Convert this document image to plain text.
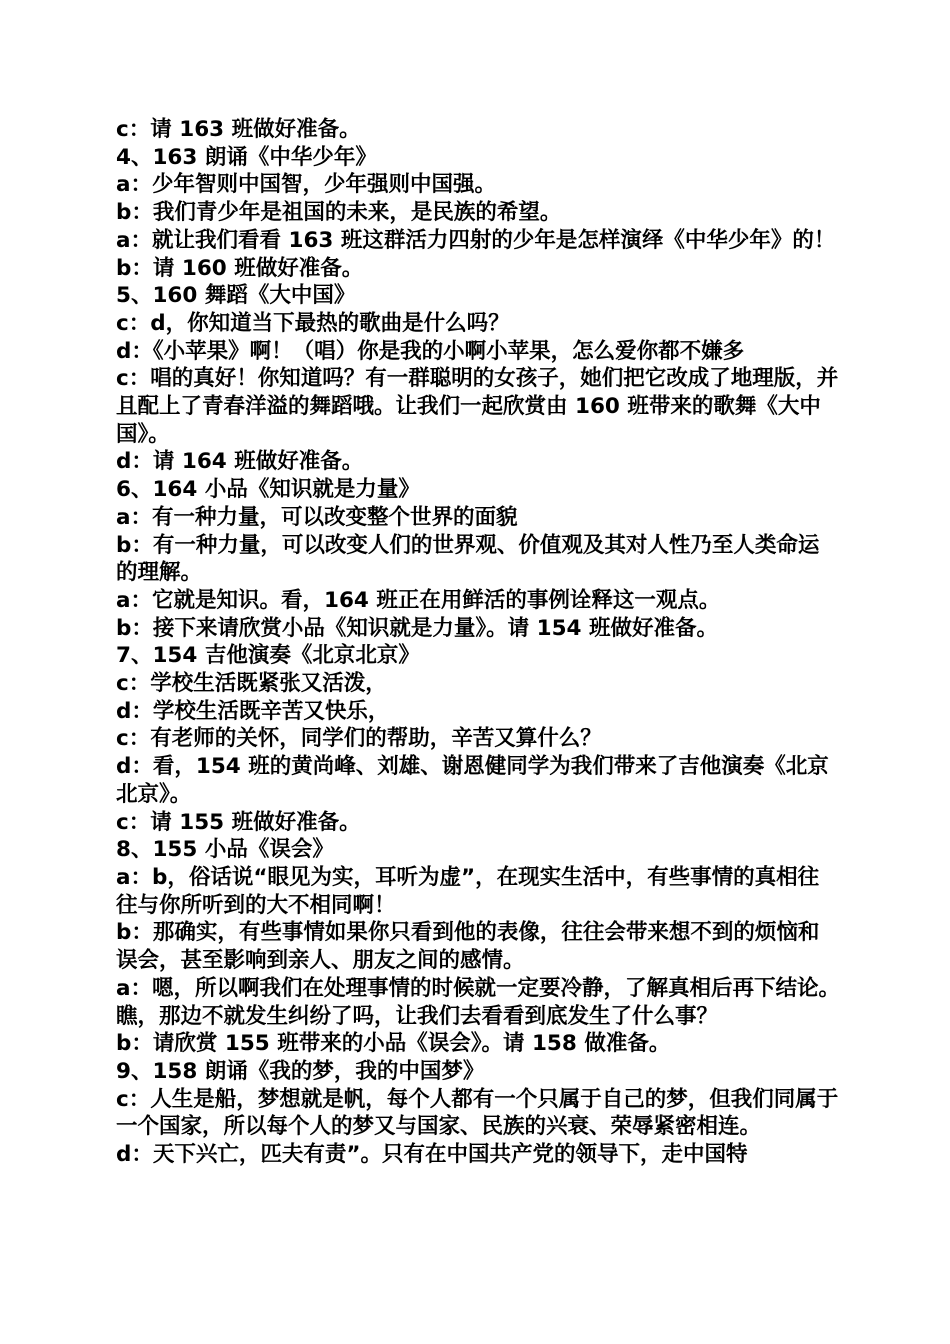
c：请 163 班做好准备。
4、163 朗诵《中华少年》
a：少年智则中国智，少年强则中国强。
b：我们青少年是祖国的未来，是民族的希望。
a：就让我们看看 163 班这群活力四射的少年是怎样演绎《中华少年》的！ b：请 160 班做好准备。
5、160 舞蹈《大中国》
c：d，你知道当下最热的歌曲是什么吗？
d：《小苹果》啊！（唱）你是我的小啊小苹果，怎么爱你都不嫌多
c：唱的真好！你知道吗？有一群聪明的女孩子，她们把它改成了地理版，并且配上了青春洋溢的舞蹈哦。让我们一起欣赏由 160 班带来的歌舞《大中国》。
d：请 164 班做好准备。
6、164 小品《知识就是力量》
a：有一种力量，可以改变整个世界的面貌
b：有一种力量，可以改变人们的世界观、价值观及其对人性乃至人类命运的理解。
a：它就是知识。看，164 班正在用鲜活的事例诠释这一观点。
b：接下来请欣赏小品《知识就是力量》。请 154 班做好准备。
7、154 吉他演奏《北京北京》
c：学校生活既紧张又活泼，
d：学校生活既辛苦又快乐，
c：有老师的关怀，同学们的帮助，辛苦又算什么？
d：看，154 班的黄尚峰、刘雄、谢恩健同学为我们带来了吉他演奏《北京北京》。
c：请 155 班做好准备。
8、155 小品《误会》
a：b，俗话说“眼见为实，耳听为虚”，在现实生活中，有些事情的真相往往与你所听到的大不相同啊！
b：那确实，有些事情如果你只看到他的表像，往往会带来想不到的烦恼和误会，甚至影响到亲人、朋友之间的感情。
a：嗯，所以啊我们在处理事情的时候就一定要冷静，了解真相后再下结论。瞧，那边不就发生纠纷了吗，让我们去看看到底发生了什么事？
b：请欣赏 155 班带来的小品《误会》。请 158 做准备。
9、158 朗诵《我的梦，我的中国梦》
c：人生是船，梦想就是帆，每个人都有一个只属于自己的梦，但我们同属于一个国家，所以每个人的梦又与国家、民族的兴衰、荣辱紧密相连。
d：天下兴亡，匹夫有责”。只有在中国共产党的领导下，走中国特
